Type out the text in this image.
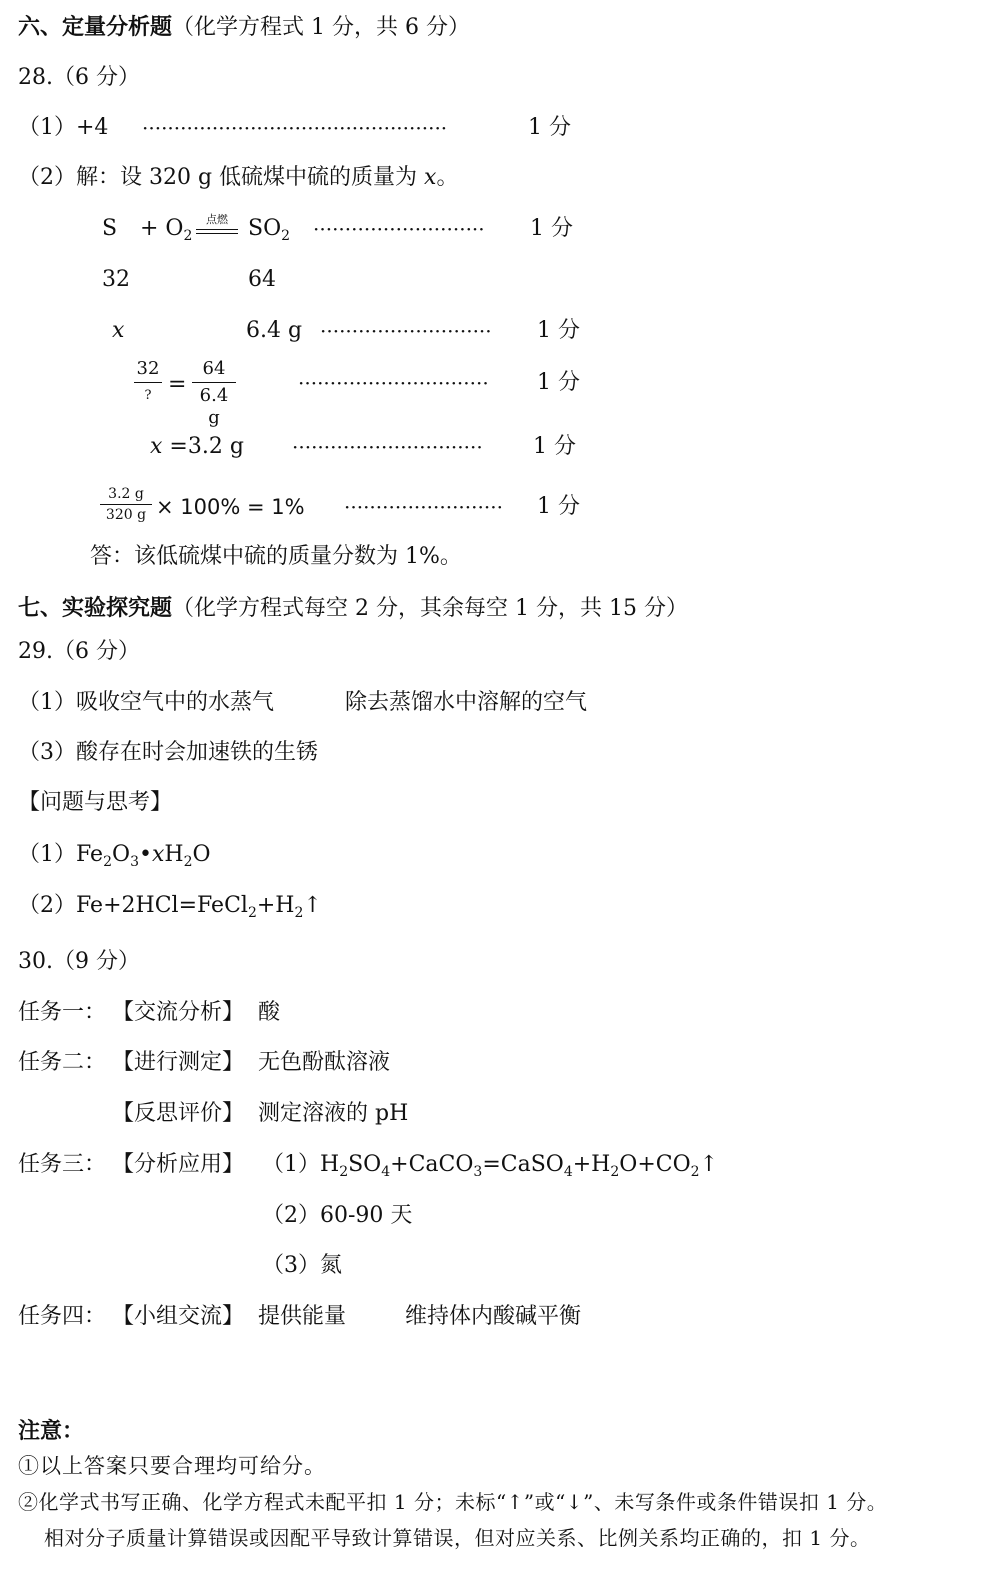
六、定量分析题（化学方程式 1 分，共 6 分）
28.（6 分）
（1）+4 ················································	1 分
（2）解：设 320 g 低硫煤中硫的质量为 x。
$S + O_2$
点燃 $SO_2$ ··························· 1 分
32	64
x	6.4 g ··························· 1 分
32
? =
64
6.4 g
······························ 1 分
x =3.2 g ······························ 1 分
3.2 g
320 g × 100% = 1% ························· 1 分
答：该低硫煤中硫的质量分数为 1%。
七、实验探究题（化学方程式每空 2 分，其余每空 1 分，共 15 分）
29.（6 分）
（1）吸收空气中的水蒸气	除去蒸馏水中溶解的空气
（3）酸存在时会加速铁的生锈
【问题与思考】
$(1)Fe_2O_3•xH_2O$
$(2)Fe+2HCl=FeCl_2+H_2↑$
30.（9 分）
任务一： 【交流分析】 酸
任务二： 【进行测定】 无色酚酞溶液
【反思评价】 测定溶液的 pH
任务三： 【分析应用】 $(1)H_2SO_4+CaCO_3=CaSO_4+H_2O+CO_2↑$
（2）60-90 天
（3）氮
任务四： 【小组交流】 提供能量	维持体内酸碱平衡
注意：
①以上答案只要合理均可给分。
②化学式书写正确、化学方程式未配平扣 1 分；未标“↑”或“↓”、未写条件或条件错误扣 1 分。
相对分子质量计算错误或因配平导致计算错误，但对应关系、比例关系均正确的，扣 1 分。
